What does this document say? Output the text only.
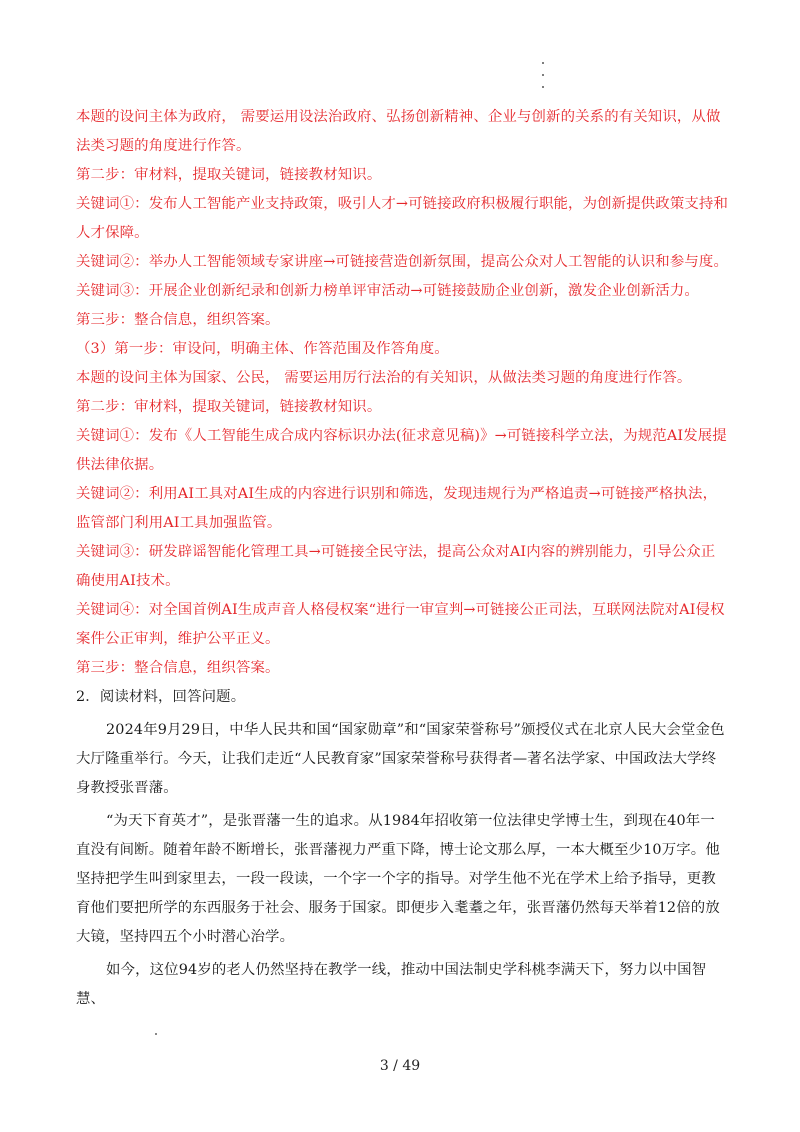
本题的设问主体为政府， 需要运用设法治政府、弘扬创新精神、企业与创新的关系的有关知识，从做法类习题的角度进行作答。

第二步：审材料，提取关键词，链接教材知识。

关键词①：发布人工智能产业支持政策，吸引人才→可链接政府积极履行职能，为创新提供政策支持和人才保障。

关键词②：举办人工智能领域专家讲座→可链接营造创新氛围，提高公众对人工智能的认识和参与度。

关键词③：开展企业创新纪录和创新力榜单评审活动→可链接鼓励企业创新，激发企业创新活力。

第三步：整合信息，组织答案。

（3）第一步：审设问，明确主体、作答范围及作答角度。

本题的设问主体为国家、公民， 需要运用厉行法治的有关知识，从做法类习题的角度进行作答。

第二步：审材料，提取关键词，链接教材知识。

关键词①：发布《人工智能生成合成内容标识办法(征求意见稿)》→可链接科学立法，为规范AI发展提供法律依据。

关键词②：利用AI工具对AI生成的内容进行识别和筛选，发现违规行为严格追责→可链接严格执法，监管部门利用AI工具加强监管。

关键词③：研发辟谣智能化管理工具→可链接全民守法，提高公众对AI内容的辨别能力，引导公众正确使用AI技术。

关键词④：对全国首例AI生成声音人格侵权案“进行一审宣判→可链接公正司法，互联网法院对AI侵权案件公正审判，维护公平正义。

第三步：整合信息，组织答案。

2．阅读材料，回答问题。

2024年9月29日，中华人民共和国“国家勋章”和“国家荣誉称号”颁授仪式在北京人民大会堂金色大厅隆重举行。今天，让我们走近“人民教育家”国家荣誉称号获得者—著名法学家、中国政法大学终身教授张晋藩。

“为天下育英才”，是张晋藩一生的追求。从1984年招收第一位法律史学博士生，到现在40年一直没有间断。随着年龄不断增长，张晋藩视力严重下降，博士论文那么厚，一本大概至少10万字。他坚持把学生叫到家里去，一段一段读，一个字一个字的指导。对学生他不光在学术上给予指导，更教育他们要把所学的东西服务于社会、服务于国家。即便步入耄耋之年，张晋藩仍然每天举着12倍的放大镜，坚持四五个小时潜心治学。

如今，这位94岁的老人仍然坚持在教学一线，推动中国法制史学科桃李满天下，努力以中国智慧、

3 / 49
